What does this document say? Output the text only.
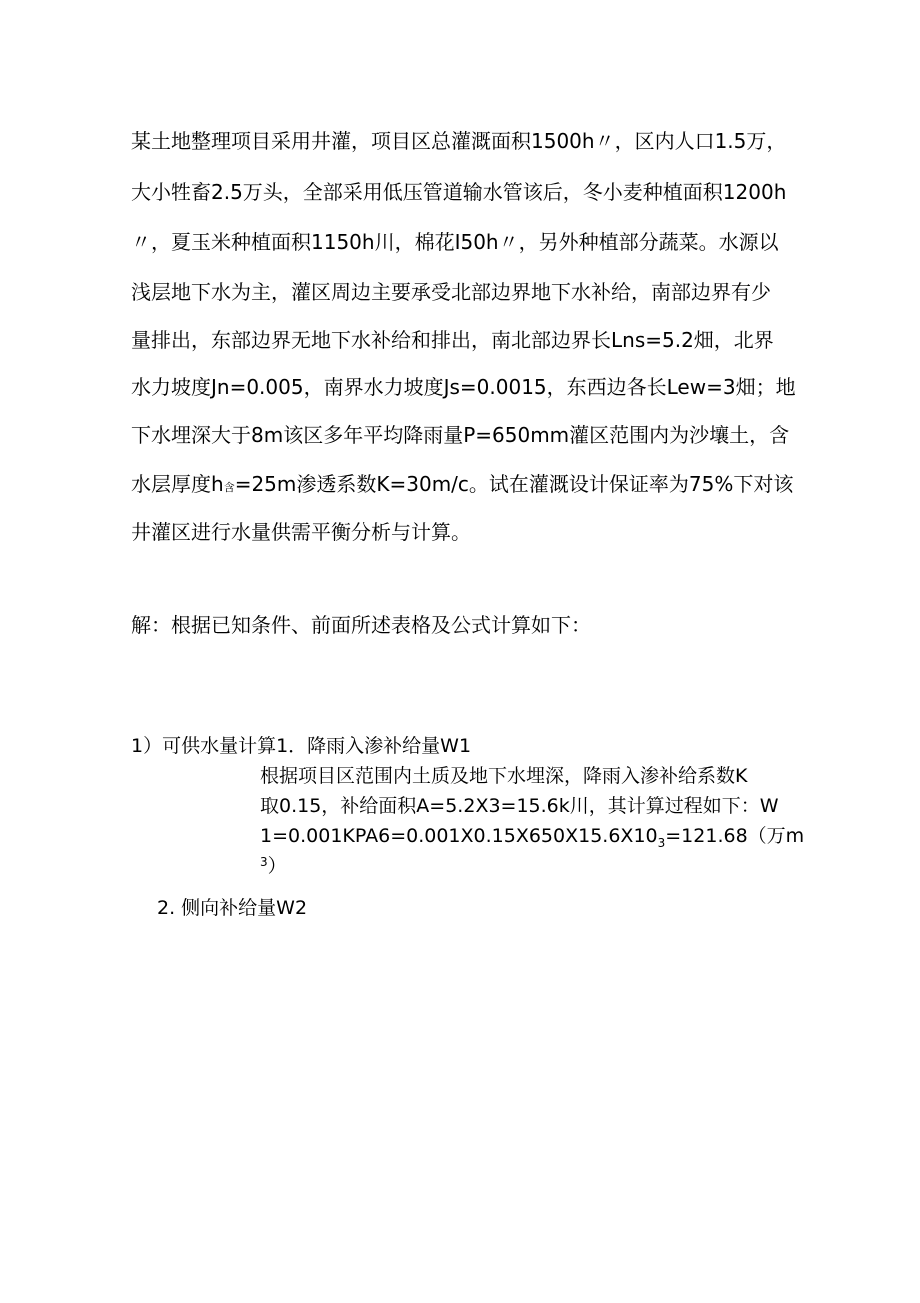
某土地整理项目采用井灌，项目区总灌溉面积1500h〃，区内人口1.5万，
大小牲畜2.5万头，全部采用低压管道输水管该后，冬小麦种植面积1200h
〃，夏玉米种植面积1150h川，棉花I50h〃，另外种植部分蔬菜。水源以
浅层地下水为主，灌区周边主要承受北部边界地下水补给，南部边界有少
量排出，东部边界无地下水补给和排出，南北部边界长Lns=5.2畑，北界
水力坡度Jn=0.005，南界水力坡度Js=0.0015，东西边各长Lew=3畑；地
下水埋深大于8m该区多年平均降雨量P=650mm灌区范围内为沙壤土，含
水层厚度h含=25m渗透系数K=30m/c。试在灌溉设计保证率为75%下对该
井灌区进行水量供需平衡分析与计算。
解：根据已知条件、前面所述表格及公式计算如下：
1）可供水量计算1．降雨入渗补给量W1
根据项目区范围内土质及地下水埋深，降雨入渗补给系数K
取0.15，补给面积A=5.2X3=15.6k川，其计算过程如下：W
$1=0.001KPA6=0.001X0.15X650X15.6X10_3=121.68$（万m
$^3$）
2. 侧向补给量W2
